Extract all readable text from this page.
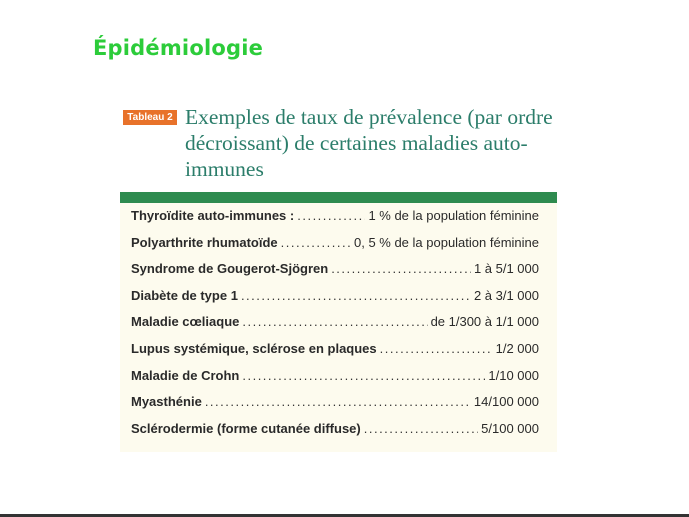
Épidémiologie
Tableau 2 Exemples de taux de prévalence (par ordre décroissant) de certaines maladies auto-immunes
Thyroïdite auto-immunes : .....	1 % de la population féminine
Polyarthrite rhumatoïde .....	0, 5 % de la population féminine
Syndrome de Gougerot-Sjögren .....	1 à 5/1 000
Diabète de type 1 .....	2 à 3/1 000
Maladie cœliaque .....	de 1/300 à 1/1 000
Lupus systémique, sclérose en plaques .....	1/2 000
Maladie de Crohn .....	1/10 000
Myasthénie .....	14/100 000
Sclérodermie (forme cutanée diffuse) .....	5/100 000
